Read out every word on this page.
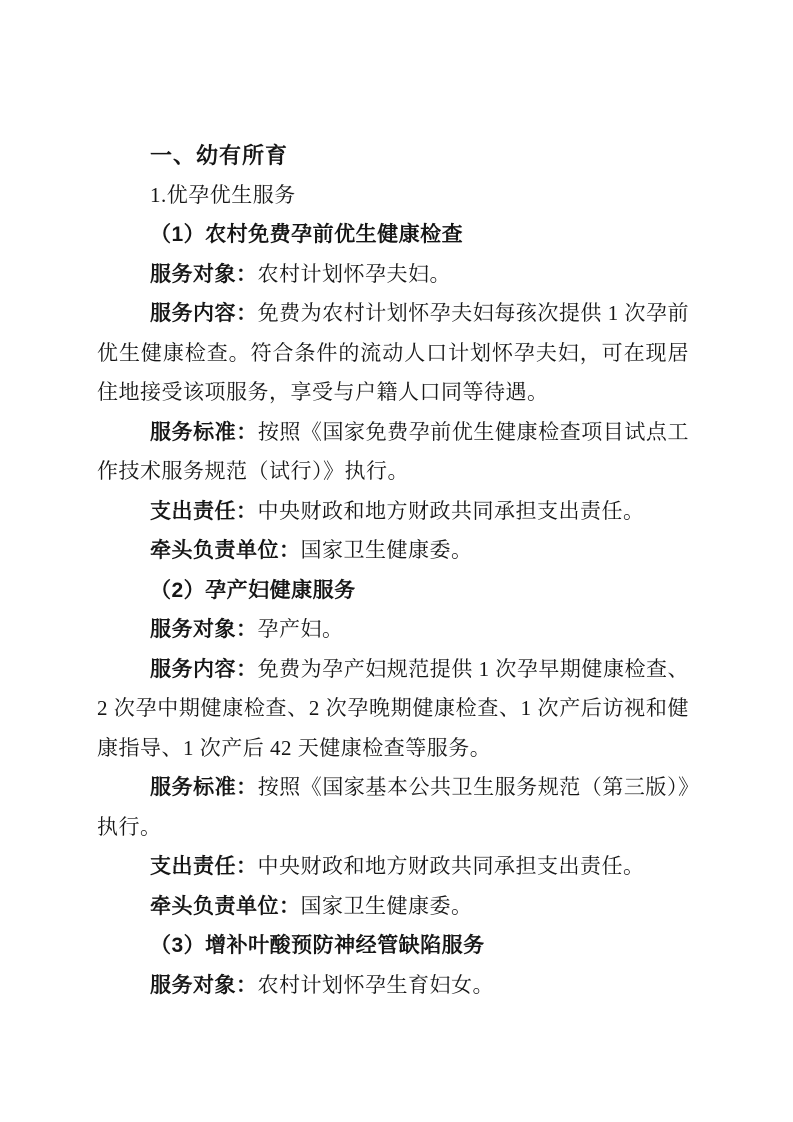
一、幼有所育
1.优孕优生服务
（1）农村免费孕前优生健康检查

服务对象：农村计划怀孕夫妇。

服务内容：免费为农村计划怀孕夫妇每孩次提供 1 次孕前优生健康检查。符合条件的流动人口计划怀孕夫妇，可在现居住地接受该项服务，享受与户籍人口同等待遇。

服务标准：按照《国家免费孕前优生健康检查项目试点工作技术服务规范（试行）》执行。

支出责任：中央财政和地方财政共同承担支出责任。

牵头负责单位：国家卫生健康委。

（2）孕产妇健康服务

服务对象：孕产妇。

服务内容：免费为孕产妇规范提供 1 次孕早期健康检查、2 次孕中期健康检查、2 次孕晚期健康检查、1 次产后访视和健康指导、1 次产后 42 天健康检查等服务。

服务标准：按照《国家基本公共卫生服务规范（第三版）》执行。

支出责任：中央财政和地方财政共同承担支出责任。

牵头负责单位：国家卫生健康委。

（3）增补叶酸预防神经管缺陷服务

服务对象：农村计划怀孕生育妇女。
